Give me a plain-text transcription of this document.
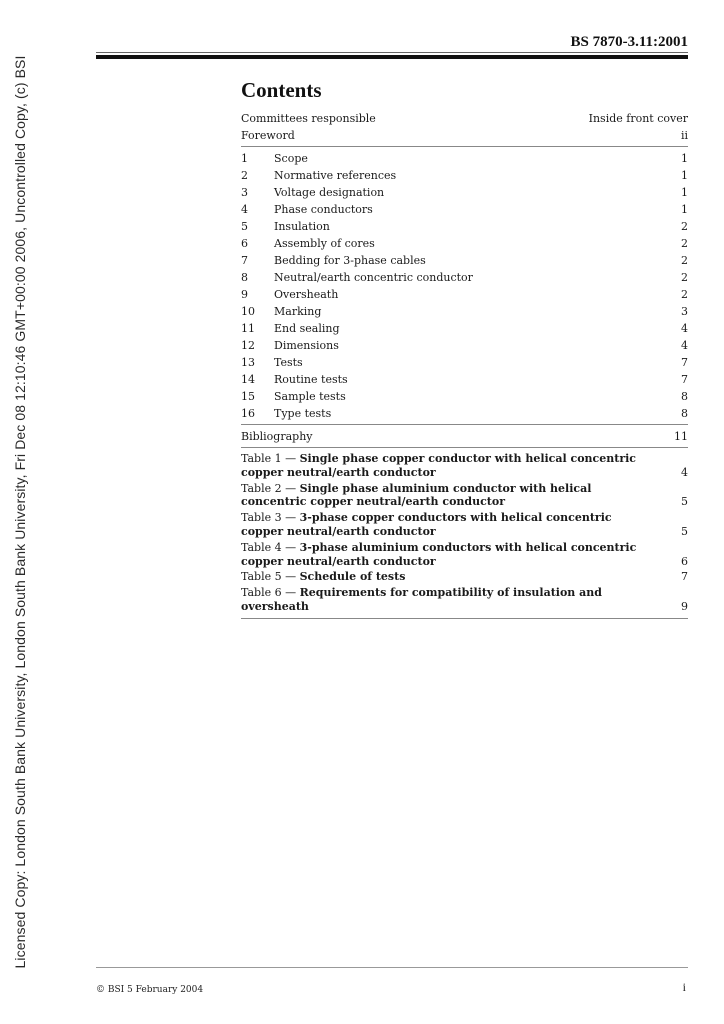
Licensed Copy: London South Bank University, London South Bank University, Fri Dec 08 12:10:46 GMT+00:00 2006, Uncontrolled Copy, (c) BSI
BS 7870-3.11:2001
Contents
Committees responsible	Inside front cover
Foreword	ii
1	Scope	1
2	Normative references	1
3	Voltage designation	1
4	Phase conductors	1
5	Insulation	2
6	Assembly of cores	2
7	Bedding for 3-phase cables	2
8	Neutral/earth concentric conductor	2
9	Oversheath	2
10	Marking	3
11	End sealing	4
12	Dimensions	4
13	Tests	7
14	Routine tests	7
15	Sample tests	8
16	Type tests	8
Bibliography	11
Table 1 — Single phase copper conductor with helical concentric copper neutral/earth conductor	4
Table 2 — Single phase aluminium conductor with helical concentric copper neutral/earth conductor	5
Table 3 — 3-phase copper conductors with helical concentric copper neutral/earth conductor	5
Table 4 — 3-phase aluminium conductors with helical concentric copper neutral/earth conductor	6
Table 5 — Schedule of tests	7
Table 6 — Requirements for compatibility of insulation and oversheath	9
© BSI 5 February 2004	i
